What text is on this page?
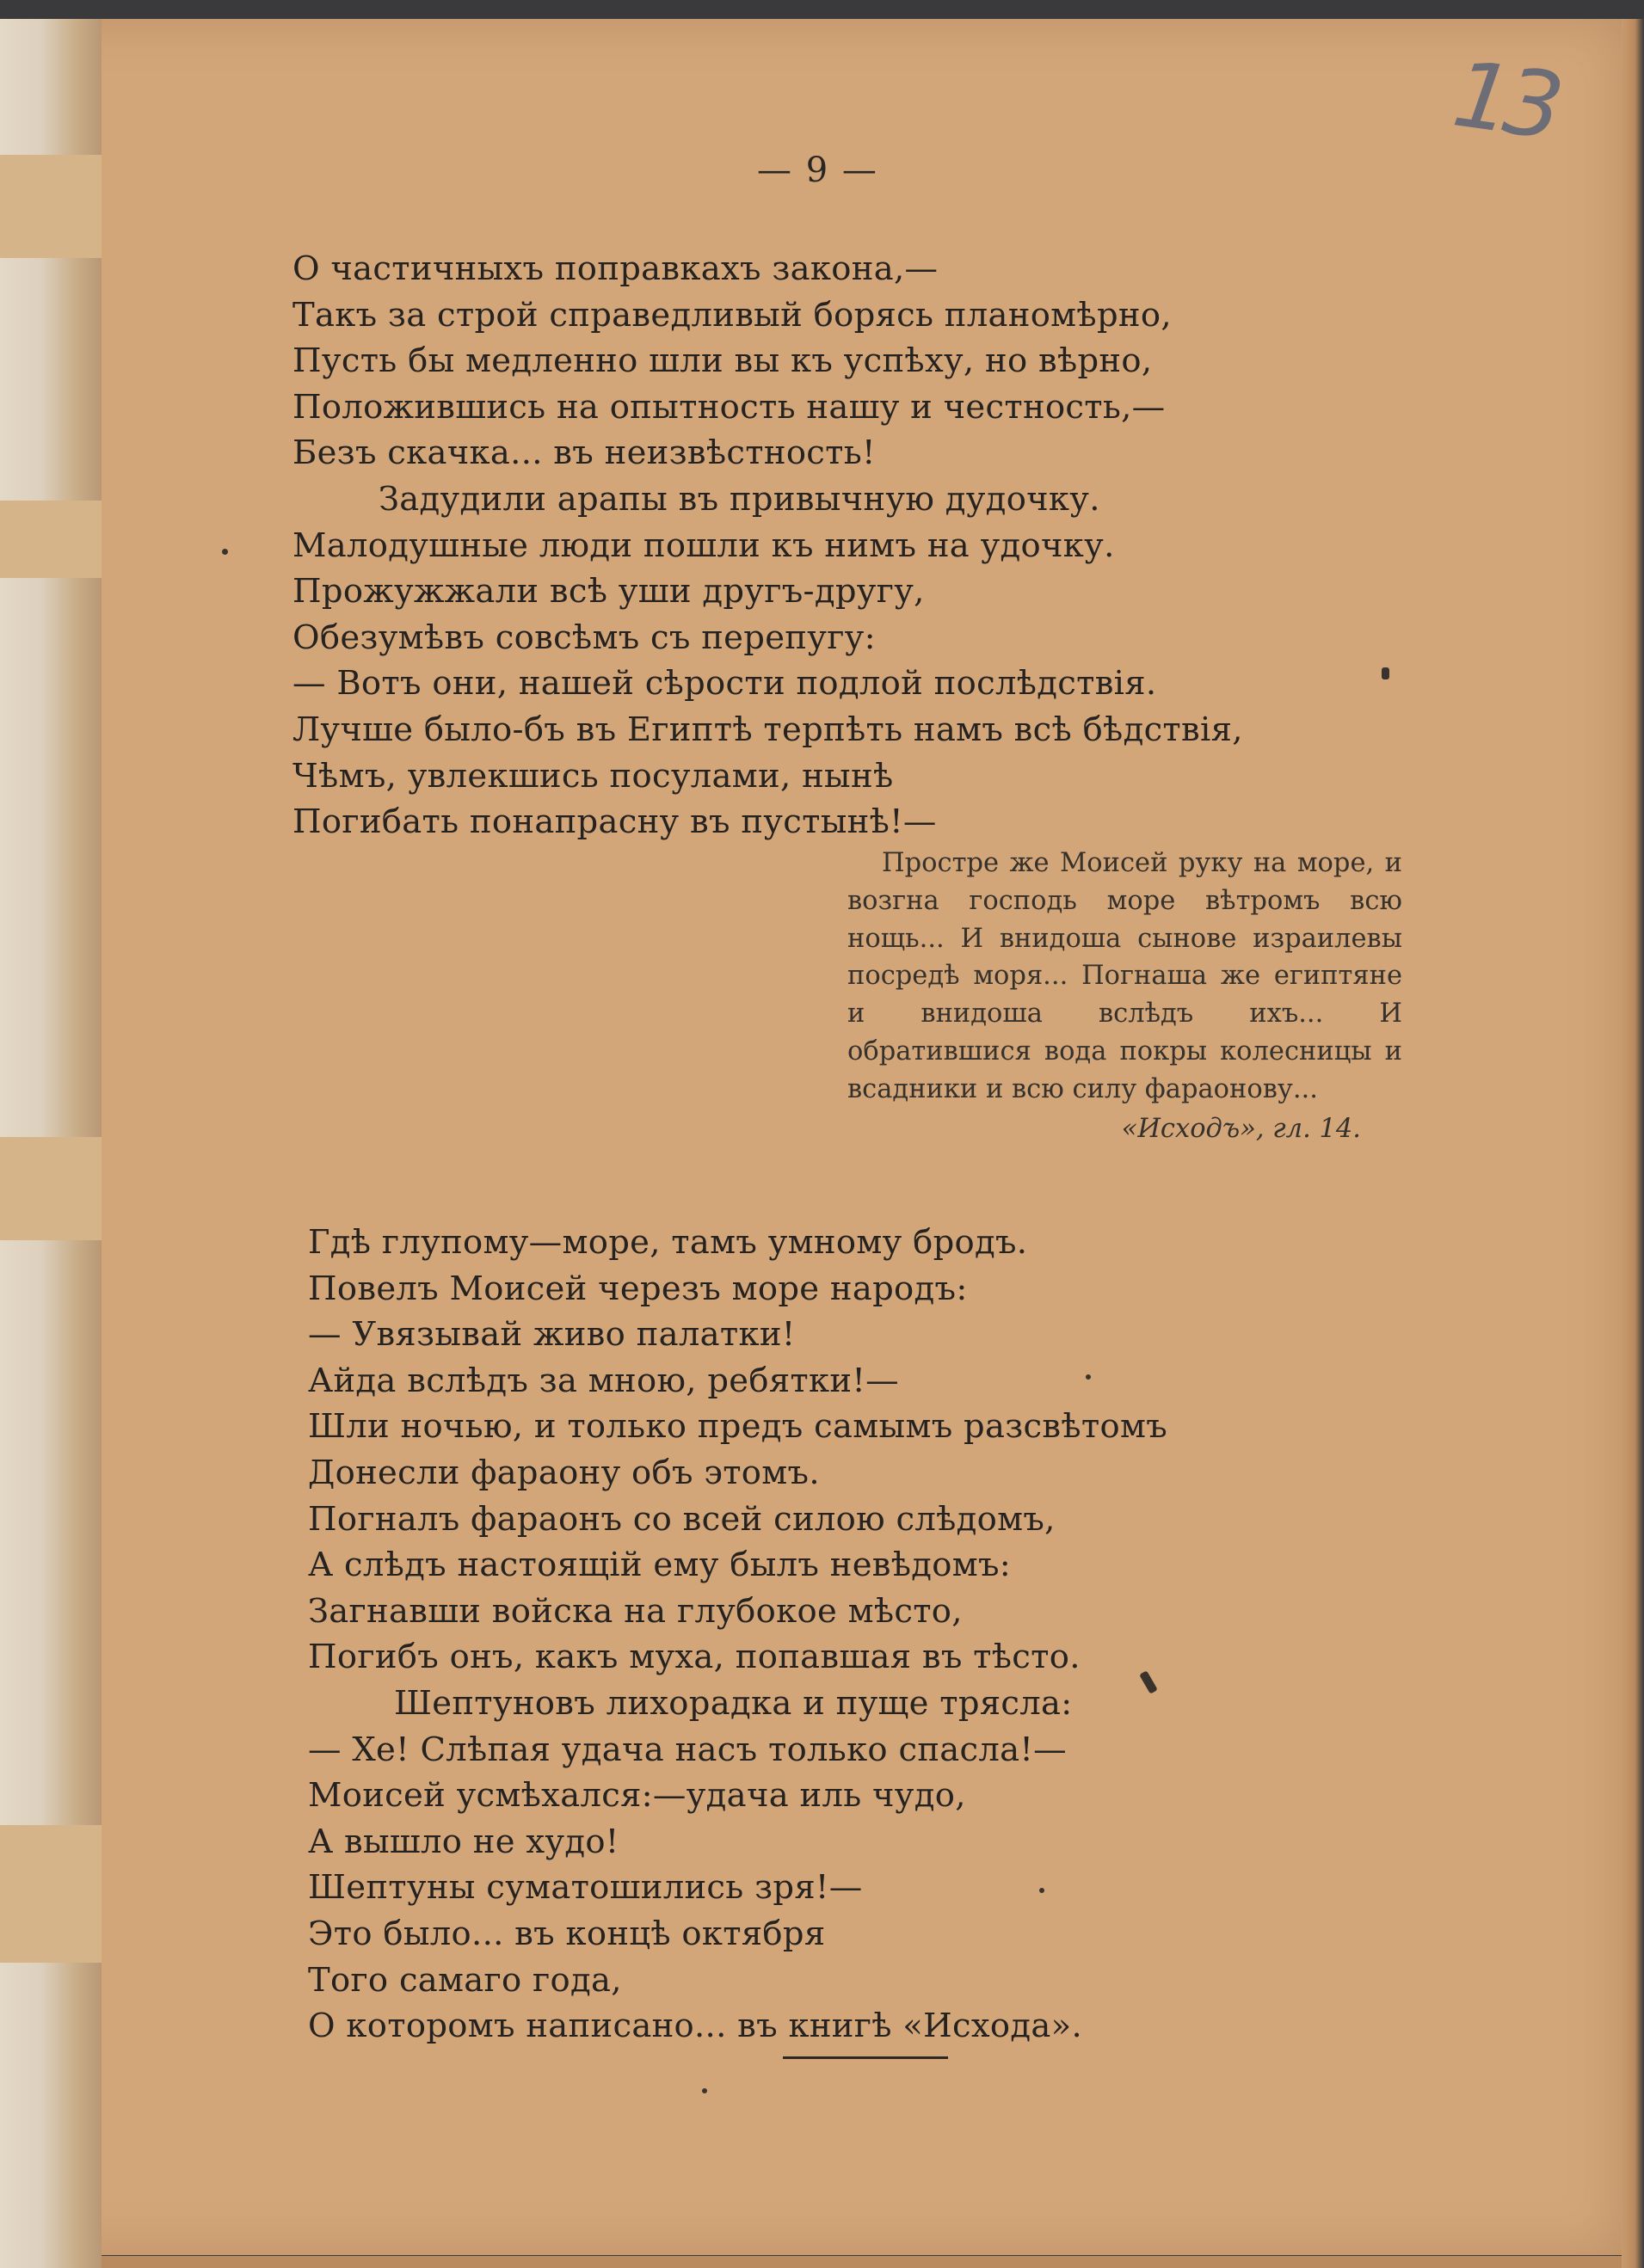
13
— 9 —
О частичныхъ поправкахъ закона,—
Такъ за строй справедливый борясь планомѣрно,
Пусть бы медленно шли вы къ успѣху, но вѣрно,
Положившись на опытность нашу и честность,—
Безъ скачка... въ неизвѣстность!
Задудили арапы въ привычную дудочку.
Малодушные люди пошли къ нимъ на удочку.
Прожужжали всѣ уши другъ-другу,
Обезумѣвъ совсѣмъ съ перепугу:
— Вотъ они, нашей сѣрости подлой послѣдствія.
Лучше было-бъ въ Египтѣ терпѣть намъ всѣ бѣдствія,
Чѣмъ, увлекшись посулами, нынѣ
Погибать понапрасну въ пустынѣ!—

Простре же Моисей руку на море, и возгна господь море вѣтромъ всю нощь... И внидоша сынове израилевы посредѣ моря... Погнаша же египтяне и внидоша вслѣдъ ихъ... И обратившися вода покры колесницы и всадники и всю силу фараонову...

«Исходъ», гл. 14.
Гдѣ глупому—море, тамъ умному бродъ.
Повелъ Моисей черезъ море народъ:
— Увязывай живо палатки!
Айда вслѣдъ за мною, ребятки!—
Шли ночью, и только предъ самымъ разсвѣтомъ
Донесли фараону объ этомъ.
Погналъ фараонъ со всей силою слѣдомъ,
А слѣдъ настоящій ему былъ невѣдомъ:
Загнавши войска на глубокое мѣсто,
Погибъ онъ, какъ муха, попавшая въ тѣсто.
Шептуновъ лихорадка и пуще трясла:
— Хе! Слѣпая удача насъ только спасла!—
Моисей усмѣхался:—удача иль чудо,
А вышло не худо!
Шептуны суматошились зря!—
Это было... въ концѣ октября
Того самаго года,
О которомъ написано... въ книгѣ «Исхода».
